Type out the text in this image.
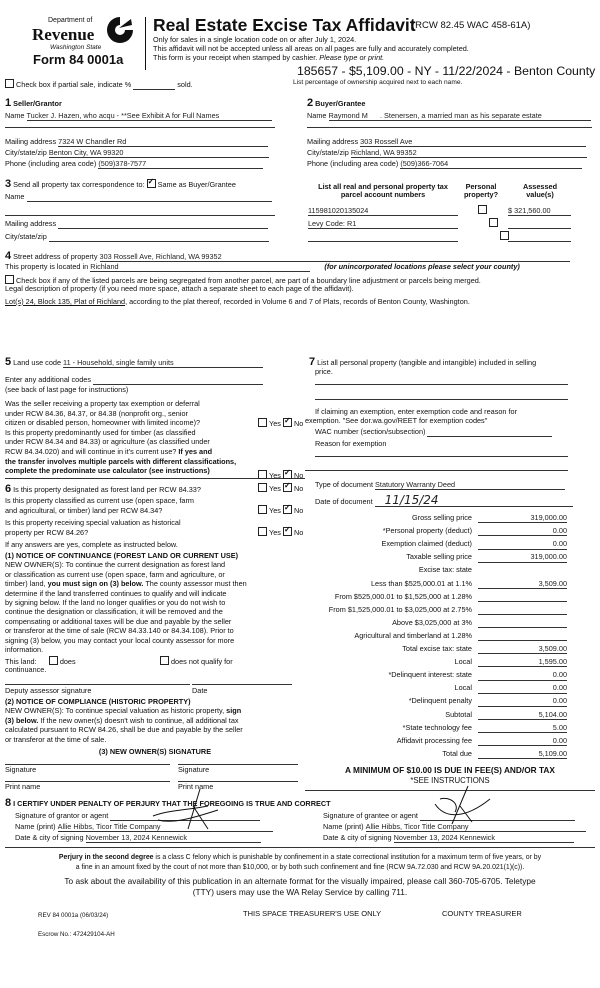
Department of
Revenue
Washington State
Form 84 0001a
Real Estate Excise Tax Affidavit
(RCW 82.45 WAC 458-61A)
Only for sales in a single location code on or after July 1, 2024.
This affidavit will not be accepted unless all areas on all pages are fully and accurately completed.
This form is your receipt when stamped by cashier. Please type or print.
185657 - $5,109.00 - NY - 11/22/2024 - Benton County
Check box if partial sale, indicate %	sold.	List percentage of ownership acquired next to each name.
1 Seller/Grantor
Name Tucker J. Hazen, who acqu - **See Exhibit A for Full Names
Mailing address 7324 W Chandler Rd
City/state/zip Benton City, WA 99320
Phone (including area code) (509)378-7577
2 Buyer/Grantee
Name Raymond M      . Stenersen, a married man as his separate estate
Mailing address 303 Rossell Ave
City/state/zip Richland, WA 99352
Phone (including area code) (509)366-7064
3 Send all property tax correspondence to: ✓ Same as Buyer/Grantee
Name
Mailing address
City/state/zip
List all real and personal property tax parcel account numbers
Personal property?
Assessed value(s)
115981020135024	$ 321,560.00
Levy Code: R1

4 Street address of property 303 Rossell Ave, Richland, WA 99352
This property is located in Richland	(for unincorporated locations please select your county)
Check box if any of the listed parcels are being segregated from another parcel, are part of a boundary line adjustment or parcels being merged.
Legal description of property (if you need more space, attach a separate sheet to each page of the affidavit).
Lot(s) 24, Block 135, Plat of Richland, according to the plat thereof, recorded in Volume 6 and 7 of Plats, records of Benton County, Washington.
5 Land use code 11 - Household, single family units
Enter any additional codes
(see back of last page for instructions)
Was the seller receiving a property tax exemption or deferral
under RCW 84.36, 84.37, or 84.38 (nonprofit org., senior
citizen or disabled person, homeowner with limited income)?
Is this property predominantly used for timber (as classified
under RCW 84.34 and 84.33) or agriculture (as classified under
RCW 84.34.020) and will continue in it's current use? If yes and
the transfer involves multiple parcels with different classifications,
complete the predominate use calculator (see instructions)
6 Is this property designated as forest land per RCW 84.33?
Is this property classified as current use (open space, farm
and agricultural, or timber) land per RCW 84.34?
Is this property receiving special valuation as historical
property per RCW 84.26?
Yes ✓ No
Yes ✓ No
Yes ✓ No
Yes ✓ No
Yes ✓ No
If any answers are yes, complete as instructed below.
(1) NOTICE OF CONTINUANCE (FOREST LAND OR CURRENT USE)
NEW OWNER(S): To continue the current designation as forest land
or classification as current use (open space, farm and agriculture, or
timber) land, you must sign on (3) below. The county assessor must then
determine if the land transferred continues to qualify and will indicate
by signing below. If the land no longer qualifies or you do not wish to
continue the designation or classification, it will be removed and the
compensating or additional taxes will be due and payable by the seller
or transferor at the time of sale (RCW 84.33.140 or 84.34.108). Prior to
signing (3) below, you may contact your local county assessor for more
information.
This land:	does	does not qualify for
continuance.
Deputy assessor signature	Date
(2) NOTICE OF COMPLIANCE (HISTORIC PROPERTY)
NEW OWNER(S): To continue special valuation as historic property, sign
(3) below. If the new owner(s) doesn't wish to continue, all additional tax
calculated pursuant to RCW 84.26, shall be due and payable by the seller
or transferor at the time of sale.
(3) NEW OWNER(S) SIGNATURE
Signature	Signature
Print name	Print name
7 List all personal property (tangible and intangible) included in selling
price.
If claiming an exemption, enter exemption code and reason for
exemption. "See dor.wa.gov/REET for exemption codes"
WAC number (section/subsection)
Reason for exemption
Type of document Statutory Warranty Deed
Date of document 11/15/24
Gross selling price	319,000.00
*Personal property (deduct)	0.00
Exemption claimed (deduct)	0.00
Taxable selling price	319,000.00
Excise tax: state
Less than $525,000.01 at 1.1%	3,509.00
From $525,000.01 to $1,525,000 at 1.28%

From $1,525,000.01 to $3,025,000 at 2.75%

Above $3,025,000 at 3%

Agricultural and timberland at 1.28%

Total excise tax: state	3,509.00
Local	1,595.00
*Delinquent interest: state	0.00
Local	0.00
*Delinquent penalty	0.00
Subtotal	5,104.00
*State technology fee	5.00
Affidavit processing fee	0.00
Total due	5,109.00
A MINIMUM OF $10.00 IS DUE IN FEE(S) AND/OR TAX
*SEE INSTRUCTIONS
8 I CERTIFY UNDER PENALTY OF PERJURY THAT THE FOREGOING IS TRUE AND CORRECT
Signature of grantor or agent
Name (print) Allie Hibbs, Ticor Title Company
Date & city of signing November 13, 2024 Kennewick
Signature of grantee or agent
Name (print) Allie Hibbs, Ticor Title Company
Date & city of signing November 13, 2024 Kennewick
Perjury in the second degree is a class C felony which is punishable by confinement in a state correctional institution for a maximum term of five years, or by
a fine in an amount fixed by the court of not more than $10,000, or by both such confinement and fine (RCW 9A.72.030 and RCW 9A.20.021(1)(c)).
To ask about the availability of this publication in an alternate format for the visually impaired, please call 360-705-6705. Teletype
(TTY) users may use the WA Relay Service by calling 711.
REV 84 0001a (06/03/24)	THIS SPACE TREASURER'S USE ONLY	COUNTY TREASURER
Escrow No.: 472429104-AH
